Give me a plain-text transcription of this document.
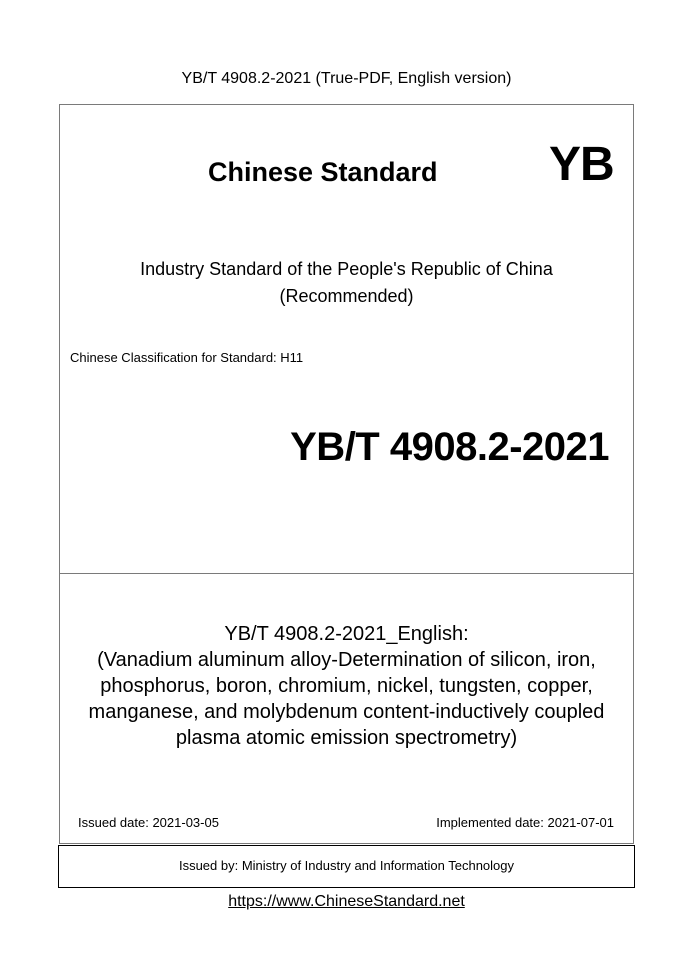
YB/T 4908.2-2021 (True-PDF, English version)
Chinese Standard YB
Industry Standard of the People's Republic of China
(Recommended)
Chinese Classification for Standard: H11
YB/T 4908.2-2021
YB/T 4908.2-2021_English:
(Vanadium aluminum alloy-Determination of silicon, iron,
phosphorus, boron, chromium, nickel, tungsten, copper,
manganese, and molybdenum content-inductively coupled
plasma atomic emission spectrometry)
Issued date: 2021-03-05	Implemented date: 2021-07-01
Issued by: Ministry of Industry and Information Technology
https://www.ChineseStandard.net
